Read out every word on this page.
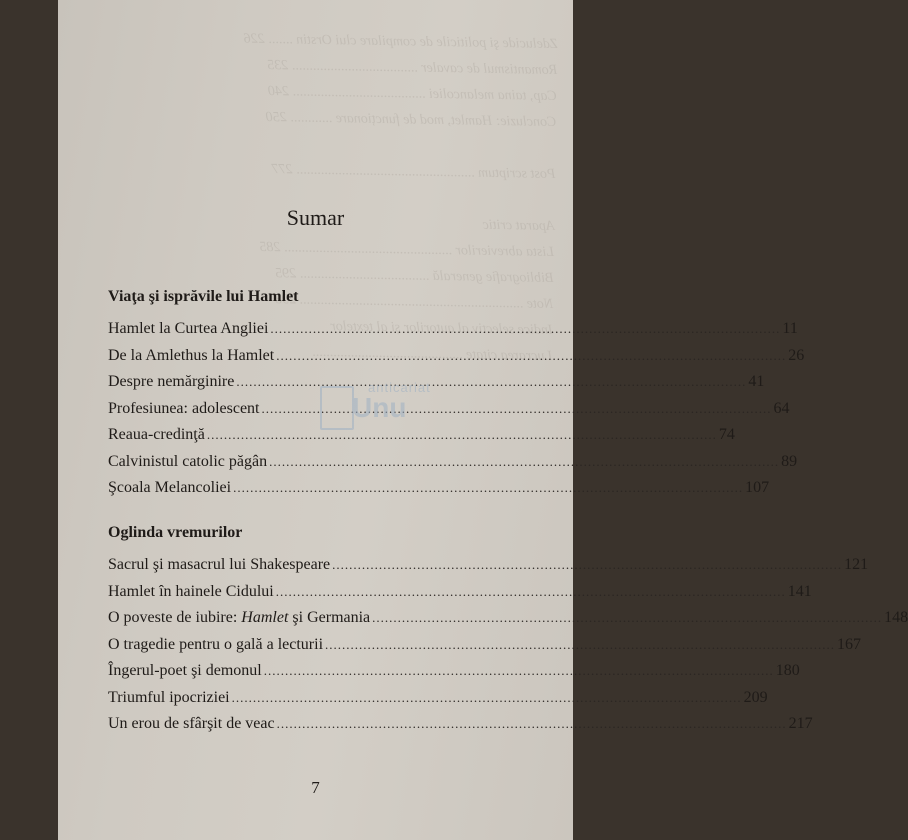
Zdelucide şi politicile de compilare clui Orstin ....... 226
Romantismul de cavaler .................................... 235
Cap, taina melancoliei ...................................... 240
Concluzie: Hamlet, mod de funcționare ............ 250

Post scriptum ................................................... 277

Aparat critic
Lista abrevierilor ................................................ 285
Bibliografie generală ..................................... 295
Note ................................................................ 298
Indice selectiv al autorilor și al textelor
Lucrarea citate ...........................................
Sumar
Viaţa şi isprăvile lui Hamlet
Hamlet la Curtea Angliei .....	11
De la Amlethus la Hamlet .....	26
Despre nemărginire .....	41
Profesiunea: adolescent .....	64
Reaua-credinţă .....	74
Calvinistul catolic păgân .....	89
Şcoala Melancoliei .....	107
Oglinda vremurilor
Sacrul şi masacrul lui Shakespeare .....	121
Hamlet în hainele Cidului .....	141
O poveste de iubire: Hamlet şi Germania .....	148
O tragedie pentru o gală a lecturii .....	167
Îngerul-poet şi demonul .....	180
Triumful ipocriziei .....	209
Un erou de sfârşit de veac .....	217
anticariat
Unu
7
